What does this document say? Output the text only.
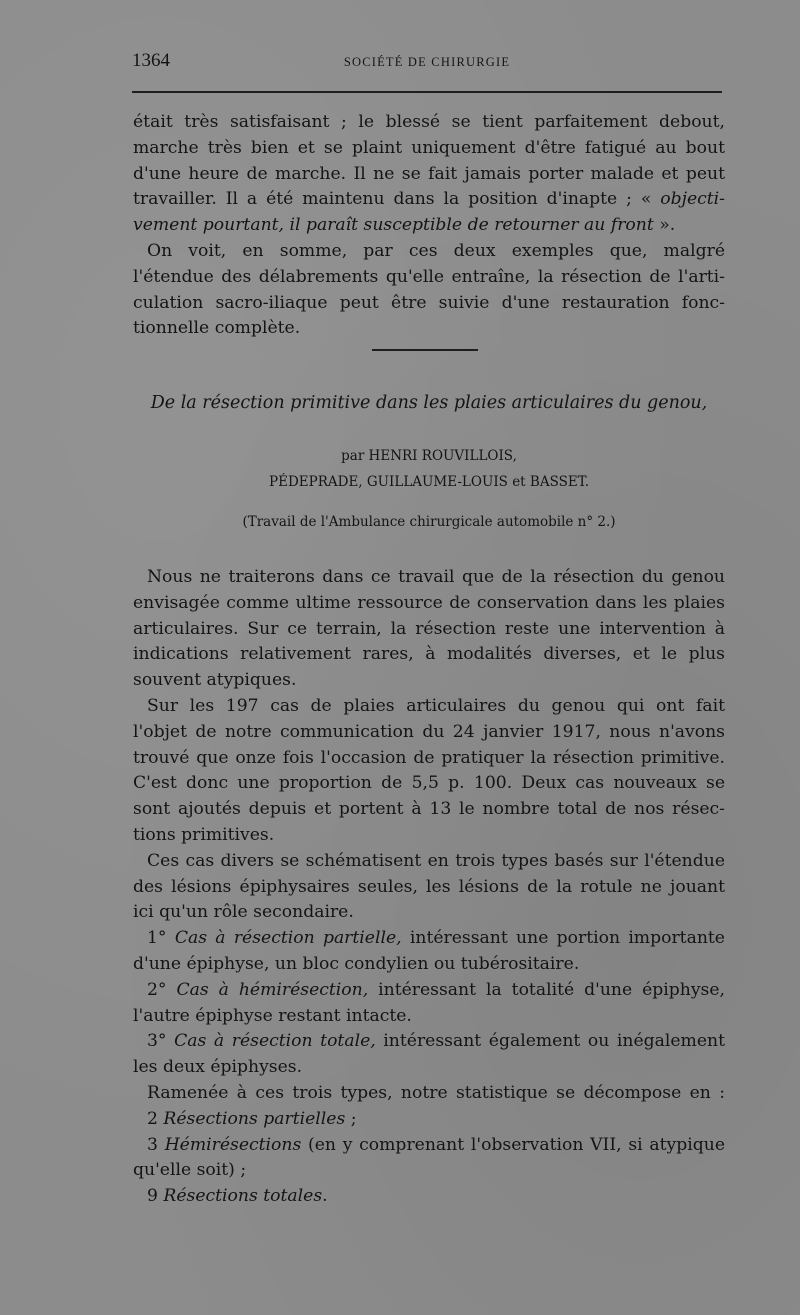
1364	SOCIÉTÉ DE CHIRURGIE

était très satisfaisant ; le blessé se tient parfaitement debout,
marche très bien et se plaint uniquement d'être fatigué au bout
d'une heure de marche. Il ne se fait jamais porter malade et peut
travailler. Il a été maintenu dans la position d'inapte ; « objecti-
vement pourtant, il paraît susceptible de retourner au front ».

On voit, en somme, par ces deux exemples que, malgré
l'étendue des délabrements qu'elle entraîne, la résection de l'arti-
culation sacro-iliaque peut être suivie d'une restauration fonc-
tionnelle complète.

De la résection primitive dans les plaies articulaires du genou,
par HENRI ROUVILLOIS,
PÉDEPRADE, GUILLAUME-LOUIS et BASSET.
(Travail de l'Ambulance chirurgicale automobile n° 2.)

Nous ne traiterons dans ce travail que de la résection du genou
envisagée comme ultime ressource de conservation dans les plaies
articulaires. Sur ce terrain, la résection reste une intervention à
indications relativement rares, à modalités diverses, et le plus
souvent atypiques.

Sur les 197 cas de plaies articulaires du genou qui ont fait
l'objet de notre communication du 24 janvier 1917, nous n'avons
trouvé que onze fois l'occasion de pratiquer la résection primitive.
C'est donc une proportion de 5,5 p. 100. Deux cas nouveaux se
sont ajoutés depuis et portent à 13 le nombre total de nos résec-
tions primitives.

Ces cas divers se schématisent en trois types basés sur l'étendue
des lésions épiphysaires seules, les lésions de la rotule ne jouant
ici qu'un rôle secondaire.

1° Cas à résection partielle, intéressant une portion importante
d'une épiphyse, un bloc condylien ou tubérositaire.

2° Cas à hémirésection, intéressant la totalité d'une épiphyse,
l'autre épiphyse restant intacte.

3° Cas à résection totale, intéressant également ou inégalement
les deux épiphyses.

Ramenée à ces trois types, notre statistique se décompose en :
2 Résections partielles ;
3 Hémirésections (en y comprenant l'observation VII, si atypique
qu'elle soit) ;
9 Résections totales.
